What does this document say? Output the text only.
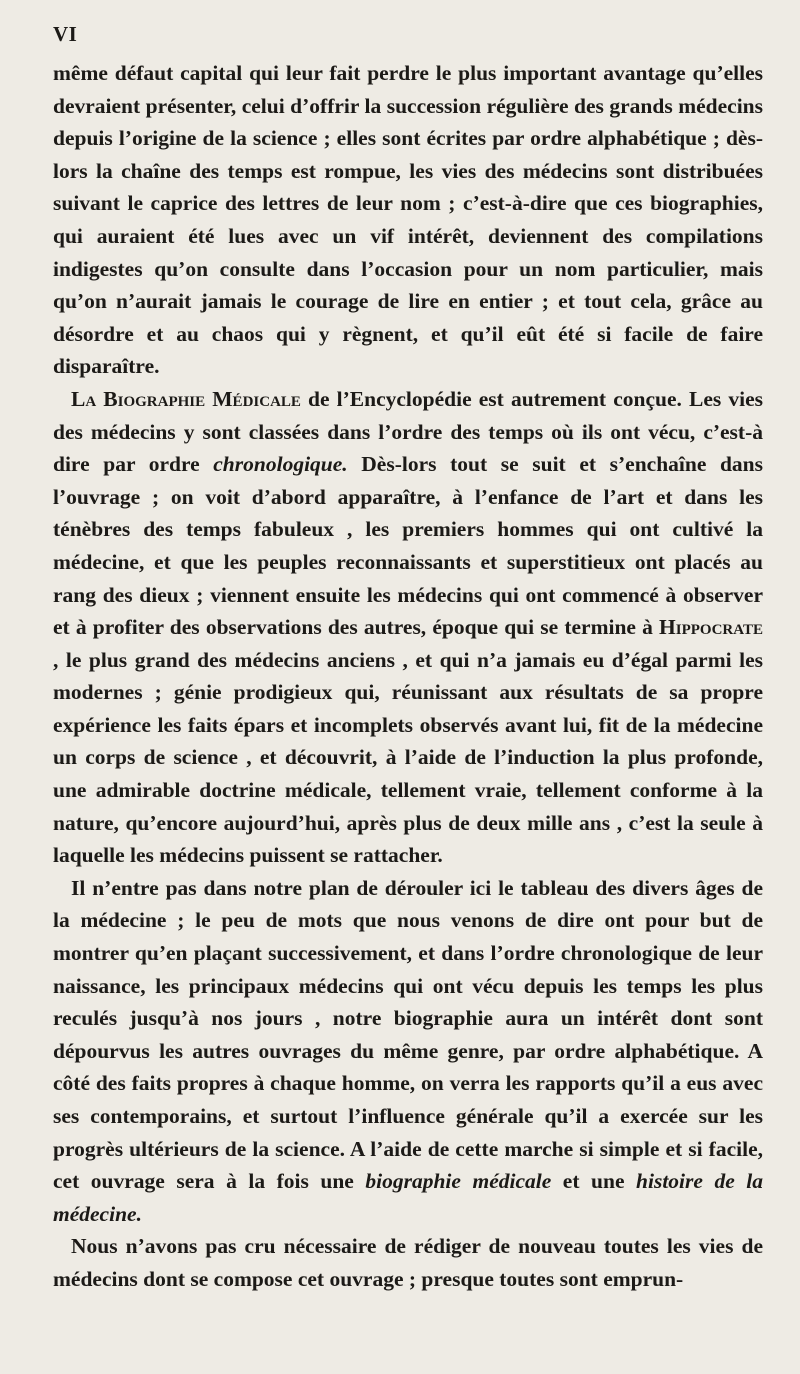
VI

même défaut capital qui leur fait perdre le plus important avantage qu’elles devraient présenter, celui d’offrir la succession régulière des grands médecins depuis l’origine de la science ; elles sont écrites par ordre alphabétique ; dès-lors la chaîne des temps est rompue, les vies des médecins sont distribuées suivant le caprice des lettres de leur nom ; c’est-à-dire que ces biographies, qui auraient été lues avec un vif intérêt, deviennent des compilations indigestes qu’on consulte dans l’occasion pour un nom particulier, mais qu’on n’aurait jamais le courage de lire en entier ; et tout cela, grâce au désordre et au chaos qui y règnent, et qu’il eût été si facile de faire disparaître.

La Biographie Médicale de l’Encyclopédie est autrement conçue. Les vies des médecins y sont classées dans l’ordre des temps où ils ont vécu, c’est-à dire par ordre chronologique. Dès-lors tout se suit et s’enchaîne dans l’ouvrage ; on voit d’abord apparaître, à l’enfance de l’art et dans les ténèbres des temps fabuleux , les premiers hommes qui ont cultivé la médecine, et que les peuples reconnaissants et superstitieux ont placés au rang des dieux ; viennent ensuite les médecins qui ont commencé à observer et à profiter des observations des autres, époque qui se termine à Hippocrate , le plus grand des médecins anciens , et qui n’a jamais eu d’égal parmi les modernes ; génie prodigieux qui, réunissant aux résultats de sa propre expérience les faits épars et incomplets observés avant lui, fit de la médecine un corps de science , et découvrit, à l’aide de l’induction la plus profonde, une admirable doctrine médicale, tellement vraie, tellement conforme à la nature, qu’encore aujourd’hui, après plus de deux mille ans , c’est la seule à laquelle les médecins puissent se rattacher.

Il n’entre pas dans notre plan de dérouler ici le tableau des divers âges de la médecine ; le peu de mots que nous venons de dire ont pour but de montrer qu’en plaçant successivement, et dans l’ordre chronologique de leur naissance, les principaux médecins qui ont vécu depuis les temps les plus reculés jusqu’à nos jours , notre biographie aura un intérêt dont sont dépourvus les autres ouvrages du même genre, par ordre alphabétique. A côté des faits propres à chaque homme, on verra les rapports qu’il a eus avec ses contemporains, et surtout l’influence générale qu’il a exercée sur les progrès ultérieurs de la science. A l’aide de cette marche si simple et si facile, cet ouvrage sera à la fois une biographie médicale et une histoire de la médecine.

Nous n’avons pas cru nécessaire de rédiger de nouveau toutes les vies de médecins dont se compose cet ouvrage ; presque toutes sont emprun-
